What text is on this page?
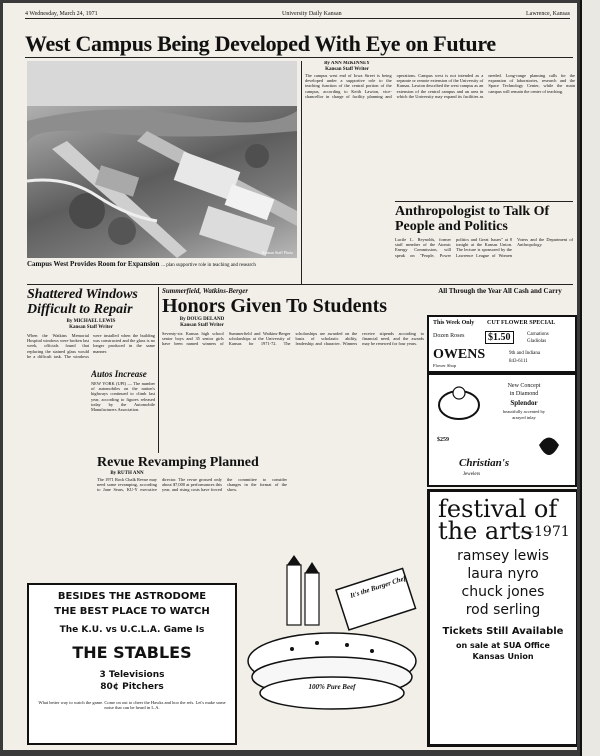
4 Wednesday, March 24, 1971	University Daily Kansan	Lawrence, Kansas
West Campus Being Developed With Eye on Future
Kansan Staff Photo
Campus West Provides Room for Expansion ... plan supportive role in teaching and research
By ANN McKINNEY
Kansan Staff Writer
The campus west end of Iowa Street is being developed under a supportive role to the teaching function of the central portion of the campus, according to Keith Lawton, vice-chancellor in charge of facility planning and operations. Campus west is not intended as a separate or remote extension of the University of Kansas. Lawton described the west campus as an extension of the central campus and an area in which the University may expand its facilities as needed. Long-range planning calls for the expansion of laboratories, research and the Space Technology Center, while the main campus will remain the center of teaching.
Anthropologist to Talk Of People and Politics
Lucile L. Reynolds, former staff member of the Atomic Energy Commission, will speak on "People, Power politics and Great Issues" at 8 tonight at the Kansas Union. The lecture is sponsored by the Lawrence League of Women Voters and the Department of Anthropology.
Shattered Windows Difficult to Repair
By MICHAEL LEWIS
Kansan Staff Writer
When the Watkins Memorial Hospital windows were broken last week, officials found that replacing the stained glass would be a difficult task. The windows were installed when the building was constructed and the glass is no longer produced in the same manner.
Autos Increase
NEW YORK (UPI) — The number of automobiles on the nation's highways continued to climb last year, according to figures released today by the Automobile Manufacturers Association.
Summerfield, Watkins-Berger
Honors Given To Students
By DOUG DELAND
Kansan Staff Writer
Seventy-six Kansas high school senior boys and 35 senior girls have been named winners of Summerfield and Watkins-Berger scholarships at the University of Kansas for 1971-72. The scholarships are awarded on the basis of scholastic ability, leadership and character. Winners receive stipends according to financial need, and the awards may be renewed for four years.
Revue Revamping Planned
By RUTH ANN
The 1971 Rock Chalk Revue may need some revamping, according to Jane Sears, KU-Y executive director. The revue grossed only about $7,000 at performances this year, and rising costs have forced the committee to consider changes in the format of the show.
BESIDES THE ASTRODOME
THE BEST PLACE TO WATCH
The K.U. vs U.C.L.A. Game Is
THE STABLES
3 Televisions
80¢ Pitchers
What better way to watch the game. Come on out to cheer the Hawks and boo the refs. Let's make some noise that can be heard in L.A.
It's the Burger Chef
100% Pure Beef
All Through the Year All Cash and Carry
This Week Only CUT FLOWER SPECIAL
Dozen Roses	$1.50	Carnations
Gladiolas
OWENS
Flower Shop
9th and Indiana
843-6111
New Concept
in Diamond
Splendor
beautifully accented by
arrayed inlay
$259
Christian's
Jewelers
festival of the arts
—1971
ramsey lewis
laura nyro
chuck jones
rod serling
Tickets Still Available
on sale at SUA Office
Kansas Union
